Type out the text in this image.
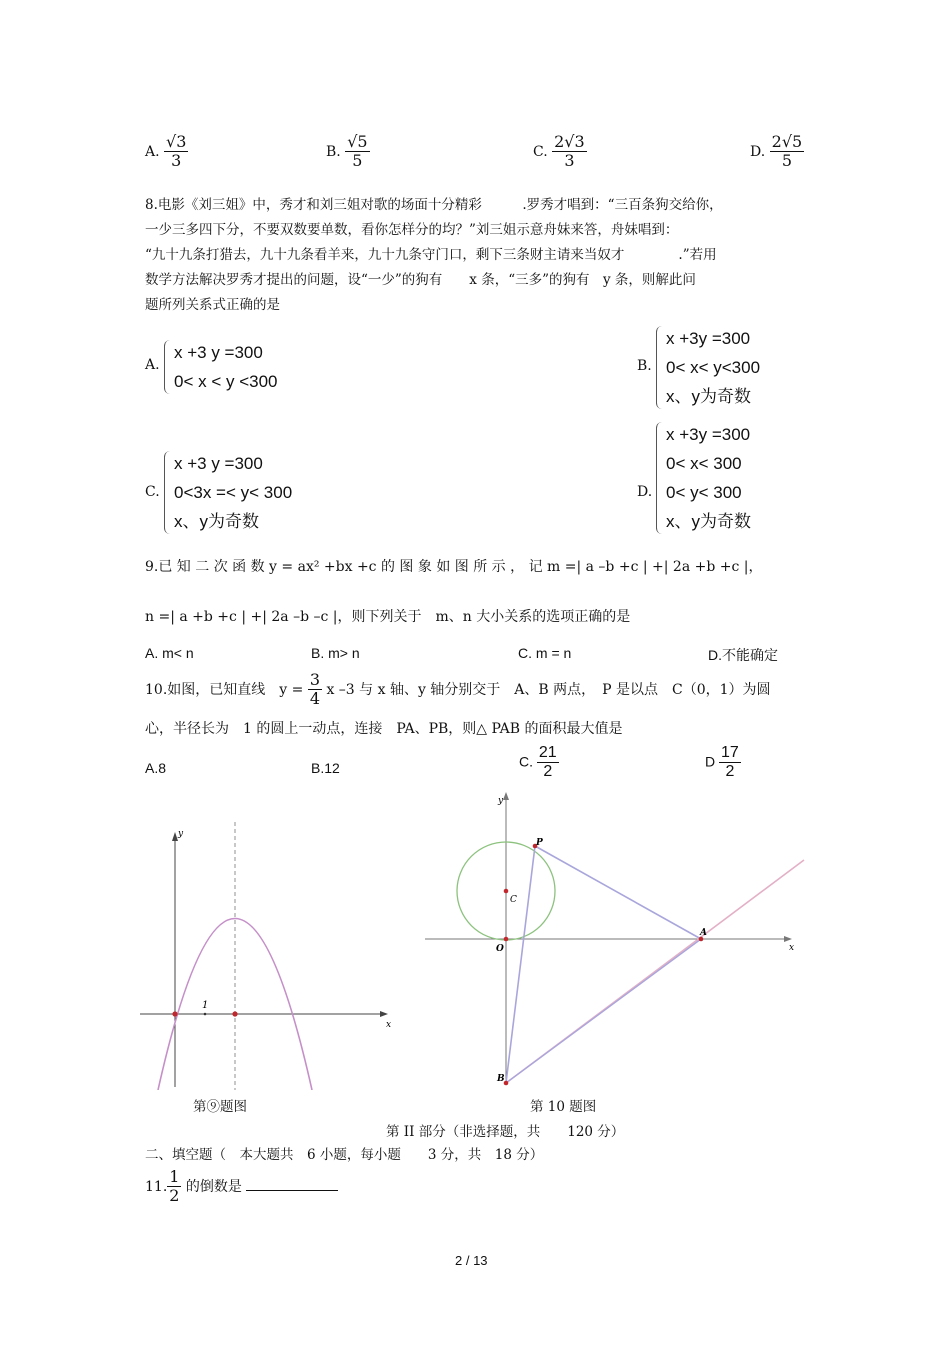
A. $\frac{√3}{3}$	B. $\frac{√5}{5}$	C. $\frac{2√3}{3}$	D. $\frac{2√5}{5}$
8.电影《刘三姐》中，秀才和刘三姐对歌的场面十分精彩　　　.罗秀才唱到：“三百条狗交给你，
一少三多四下分，不要双数要单数，看你怎样分的均？”刘三姐示意舟妹来答，舟妹唱到：
“九十九条打猎去，九十九条看羊来，九十九条守门口，剩下三条财主请来当奴才　　　　.”若用
数学方法解决罗秀才提出的问题，设“一少”的狗有　　x 条，“三多”的狗有　y 条，则解此问
题所列关系式正确的是
A.
x +3 y =300
0< x < y <300
B.
x +3y =300
0< x< y<300
x、y为奇数
C.
x +3 y =300
0<3x =< y< 300
x、y为奇数
D.
x +3y =300
0< x< 300
0< y< 300
x、y为奇数
9.已 知 二 次 函 数 y = ax² +bx +c 的 图 象 如 图 所 示 ， 记 m =| a –b +c | +| 2a +b +c |，
n =| a +b +c | +| 2a –b –c |，则下列关于　m、n 大小关系的选项正确的是
A. m< n	B. m> n	C. m = n	D.不能确定
10.如图，已知直线　$y = \frac{3}{4}$ x –3 与 x 轴、y 轴分别交于　A、B 两点，　P 是以点　C（0，1）为圆
心，半径长为　1 的圆上一动点，连接　PA、PB，则△ PAB 的面积最大值是
A.8	B.12	C. $\frac{21}{2}$	D $\frac{17}{2}$
1
x
y
第⑨题图
y
x
P
C
O
A
B
第 10 题图
第 II 部分（非选择题，共　　120 分）
二、填空题（　本大题共　6 小题，每小题　　3 分，共　18 分）
11. $\frac{1}{2}$ 的倒数是
2 / 13
